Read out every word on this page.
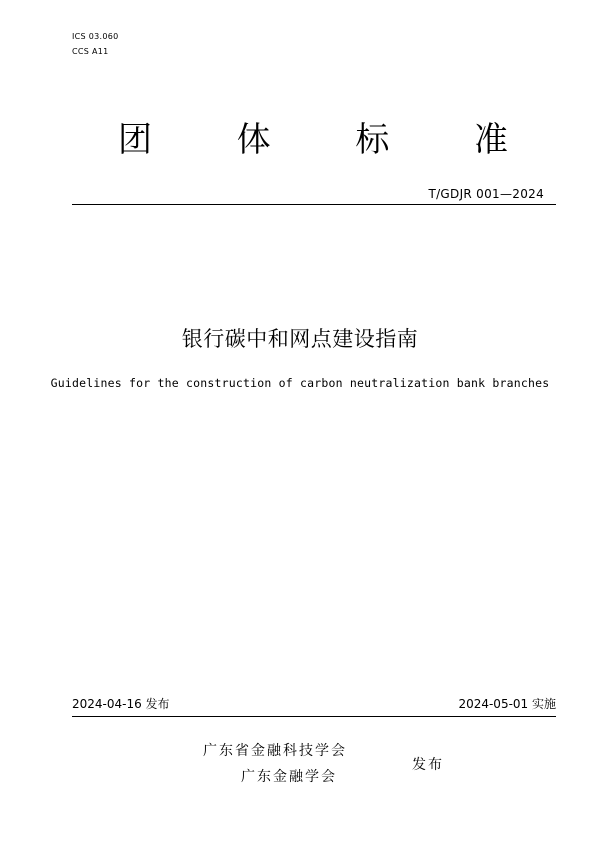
ICS 03.060
CCS A11
团 体 标 准
T/GDJR 001—2024
银行碳中和网点建设指南
Guidelines for the construction of carbon neutralization bank branches
2024-04-16 发布	2024-05-01 实施
广东省金融科技学会
广东金融学会
发布
